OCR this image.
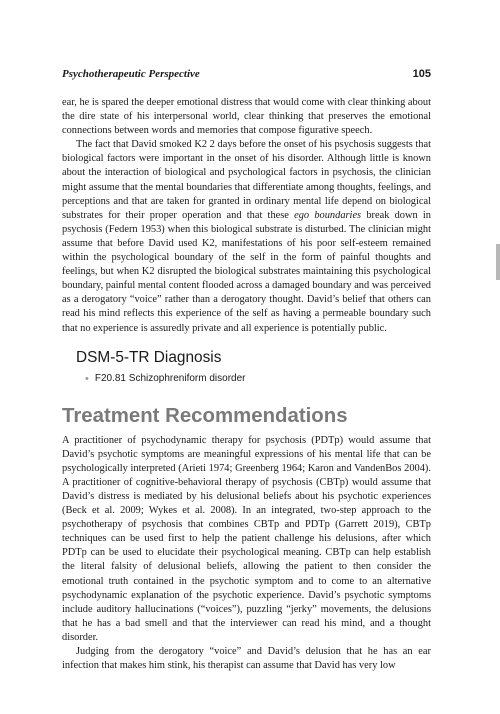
Psychotherapeutic Perspective	105

ear, he is spared the deeper emotional distress that would come with clear thinking about the dire state of his interpersonal world, clear thinking that preserves the emotional connections between words and memories that compose figurative speech.

The fact that David smoked K2 2 days before the onset of his psychosis suggests that biological factors were important in the onset of his disorder. Although little is known about the interaction of biological and psychological factors in psychosis, the clinician might assume that the mental boundaries that differentiate among thoughts, feelings, and perceptions and that are taken for granted in ordinary mental life depend on biological substrates for their proper operation and that these ego boundaries break down in psychosis (Federn 1953) when this biological substrate is disturbed. The clinician might assume that before David used K2, manifestations of his poor self-esteem remained within the psychological boundary of the self in the form of painful thoughts and feelings, but when K2 disrupted the biological substrates maintaining this psychological boundary, painful mental content flooded across a damaged boundary and was perceived as a derogatory “voice” rather than a derogatory thought. David’s belief that others can read his mind reflects this experience of the self as having a permeable boundary such that no experience is assuredly private and all experience is potentially public.

DSM-5-TR Diagnosis
• F20.81 Schizophreniform disorder
Treatment Recommendations

A practitioner of psychodynamic therapy for psychosis (PDTp) would assume that David’s psychotic symptoms are meaningful expressions of his mental life that can be psychologically interpreted (Arieti 1974; Greenberg 1964; Karon and VandenBos 2004). A practitioner of cognitive-behavioral therapy of psychosis (CBTp) would assume that David’s distress is mediated by his delusional beliefs about his psychotic experiences (Beck et al. 2009; Wykes et al. 2008). In an integrated, two-step approach to the psychotherapy of psychosis that combines CBTp and PDTp (Garrett 2019), CBTp techniques can be used first to help the patient challenge his delusions, after which PDTp can be used to elucidate their psychological meaning. CBTp can help establish the literal falsity of delusional beliefs, allowing the patient to then consider the emotional truth contained in the psychotic symptom and to come to an alternative psychodynamic explanation of the psychotic experience. David’s psychotic symptoms include auditory hallucinations (“voices”), puzzling “jerky” movements, the delusions that he has a bad smell and that the interviewer can read his mind, and a thought disorder.

Judging from the derogatory “voice” and David’s delusion that he has an ear infection that makes him stink, his therapist can assume that David has very low
